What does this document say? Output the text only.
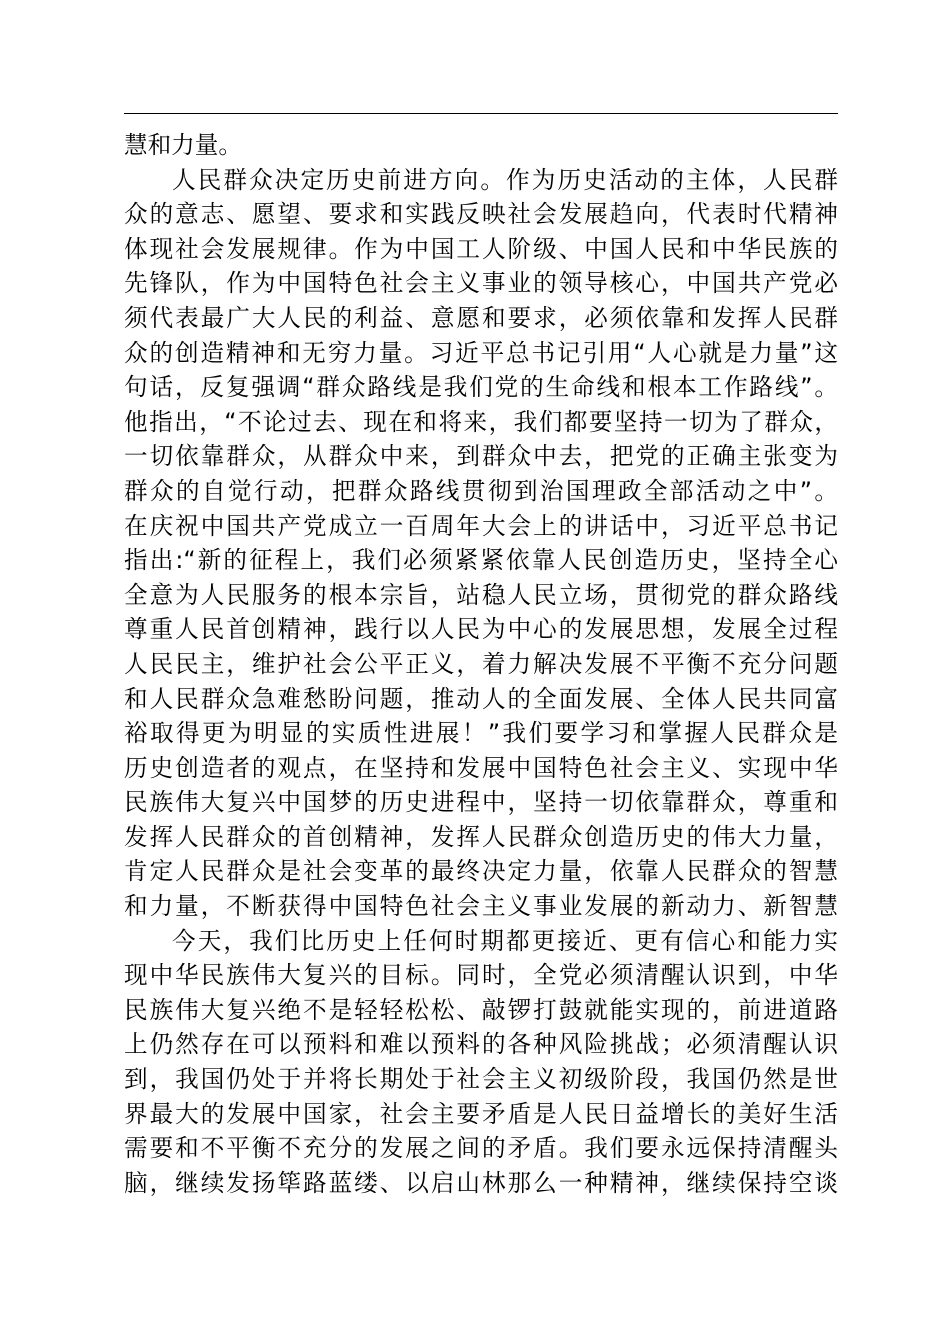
慧和力量。
人民群众决定历史前进方向。作为历史活动的主体，人民群
众的意志、愿望、要求和实践反映社会发展趋向，代表时代精神
体现社会发展规律。作为中国工人阶级、中国人民和中华民族的
先锋队，作为中国特色社会主义事业的领导核心，中国共产党必
须代表最广大人民的利益、意愿和要求，必须依靠和发挥人民群
众的创造精神和无穷力量。习近平总书记引用“人心就是力量”这
句话，反复强调“群众路线是我们党的生命线和根本工作路线”。
他指出，“不论过去、现在和将来，我们都要坚持一切为了群众，
一切依靠群众，从群众中来，到群众中去，把党的正确主张变为
群众的自觉行动，把群众路线贯彻到治国理政全部活动之中”。
在庆祝中国共产党成立一百周年大会上的讲话中，习近平总书记
指出:“新的征程上，我们必须紧紧依靠人民创造历史，坚持全心
全意为人民服务的根本宗旨，站稳人民立场，贯彻党的群众路线
尊重人民首创精神，践行以人民为中心的发展思想，发展全过程
人民民主，维护社会公平正义，着力解决发展不平衡不充分问题
和人民群众急难愁盼问题，推动人的全面发展、全体人民共同富
裕取得更为明显的实质性进展！”我们要学习和掌握人民群众是
历史创造者的观点，在坚持和发展中国特色社会主义、实现中华
民族伟大复兴中国梦的历史进程中，坚持一切依靠群众，尊重和
发挥人民群众的首创精神，发挥人民群众创造历史的伟大力量，
肯定人民群众是社会变革的最终决定力量，依靠人民群众的智慧
和力量，不断获得中国特色社会主义事业发展的新动力、新智慧
今天，我们比历史上任何时期都更接近、更有信心和能力实
现中华民族伟大复兴的目标。同时，全党必须清醒认识到，中华
民族伟大复兴绝不是轻轻松松、敲锣打鼓就能实现的，前进道路
上仍然存在可以预料和难以预料的各种风险挑战；必须清醒认识
到，我国仍处于并将长期处于社会主义初级阶段，我国仍然是世
界最大的发展中国家，社会主要矛盾是人民日益增长的美好生活
需要和不平衡不充分的发展之间的矛盾。我们要永远保持清醒头
脑，继续发扬筚路蓝缕、以启山林那么一种精神，继续保持空谈
